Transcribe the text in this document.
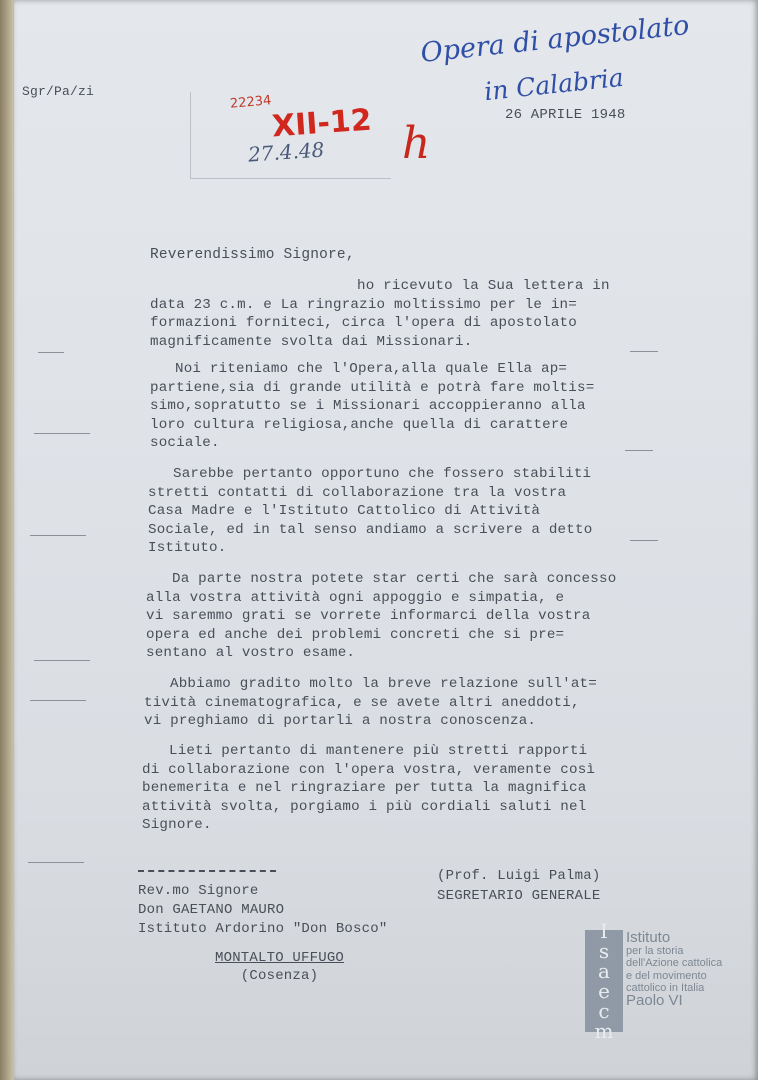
Sgr/Pa/zi
26 APRILE 1948
Opera di apostolato
in Calabria
22234
XII-12
27.4.48 h
Reverendissimo Signore,
ho ricevuto la Sua lettera in
data 23 c.m. e La ringrazio moltissimo per le in=
formazioni forniteci, circa l'opera di apostolato
magnificamente svolta dai Missionari.
Noi riteniamo che l'Opera,alla quale Ella ap=
partiene,sia di grande utilità e potrà fare moltis=
simo,sopratutto se i Missionari accoppieranno alla
loro cultura religiosa,anche quella di carattere
sociale.
Sarebbe pertanto opportuno che fossero stabiliti
stretti contatti di collaborazione tra la vostra
Casa Madre e l'Istituto Cattolico di Attività
Sociale, ed in tal senso andiamo a scrivere a detto
Istituto.
Da parte nostra potete star certi che sarà concesso
alla vostra attività ogni appoggio e simpatia, e
vi saremmo grati se vorrete informarci della vostra
opera ed anche dei problemi concreti che si pre=
sentano al vostro esame.
Abbiamo gradito molto la breve relazione sull'at=
tività cinematografica, e se avete altri aneddoti,
vi preghiamo di portarli a nostra conoscenza.
Lieti pertanto di mantenere più stretti rapporti
di collaborazione con l'opera vostra, veramente così
benemerita e nel ringraziare per tutta la magnifica
attività svolta, porgiamo i più cordiali saluti nel
Signore.
Rev.mo Signore
Don GAETANO MAURO
Istituto Ardorino "Don Bosco"
MONTALTO UFFUGO
(Cosenza)
(Prof. Luigi Palma)
SEGRETARIO GENERALE
I
s
a
e
c
m
Istituto
per la storia
dell'Azione cattolica
e del movimento
cattolico in Italia
Paolo VI
